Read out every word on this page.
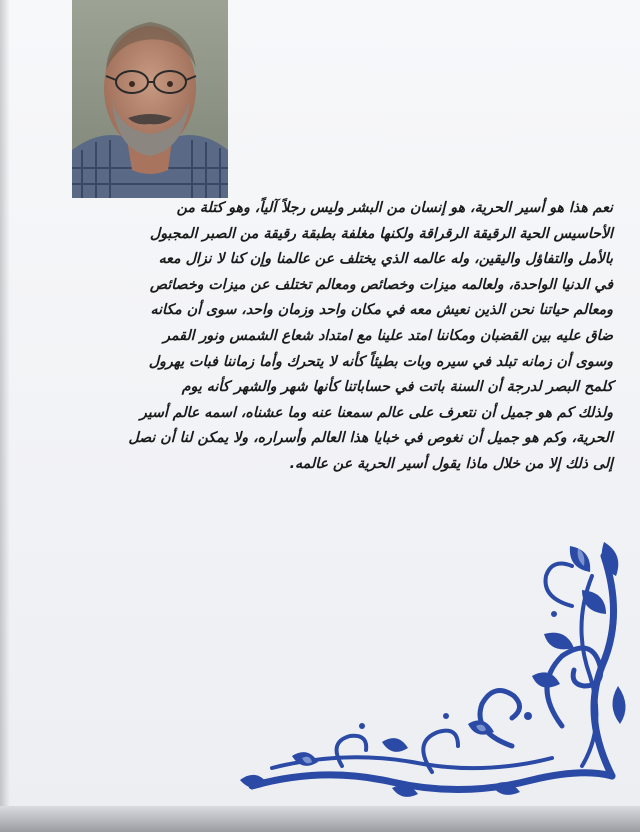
نعم هذا هو أسير الحرية، هو إنسان من البشر وليس رجلاً آلياً، وهو كتلة من
الأحاسيس الحية الرقيقة الرقراقة ولكنها مغلفة بطبقة رقيقة من الصبر المجبول
بالأمل والتفاؤل واليقين، وله عالمه الذي يختلف عن عالمنا وإن كنا لا نزال معه
في الدنيا الواحدة، ولعالمه ميزات وخصائص ومعالم تختلف عن ميزات وخصائص
ومعالم حياتنا نحن الذين نعيش معه في مكان واحد وزمان واحد، سوى أن مكانه
ضاق عليه بين القضبان ومكاننا امتد علينا مع امتداد شعاع الشمس ونور القمر
وسوى أن زمانه تبلد في سيره وبات بطيئاً كأنه لا يتحرك وأما زماننا فبات يهرول
كلمح البصر لدرجة أن السنة باتت في حساباتنا كأنها شهر والشهر كأنه يوم
ولذلك كم هو جميل أن نتعرف على عالم سمعنا عنه وما عشناه، اسمه عالم أسير
الحرية، وكم هو جميل أن نغوص في خبايا هذا العالم وأسراره، ولا يمكن لنا أن نصل
إلى ذلك إلا من خلال ماذا يقول أسير الحرية عن عالمه.
